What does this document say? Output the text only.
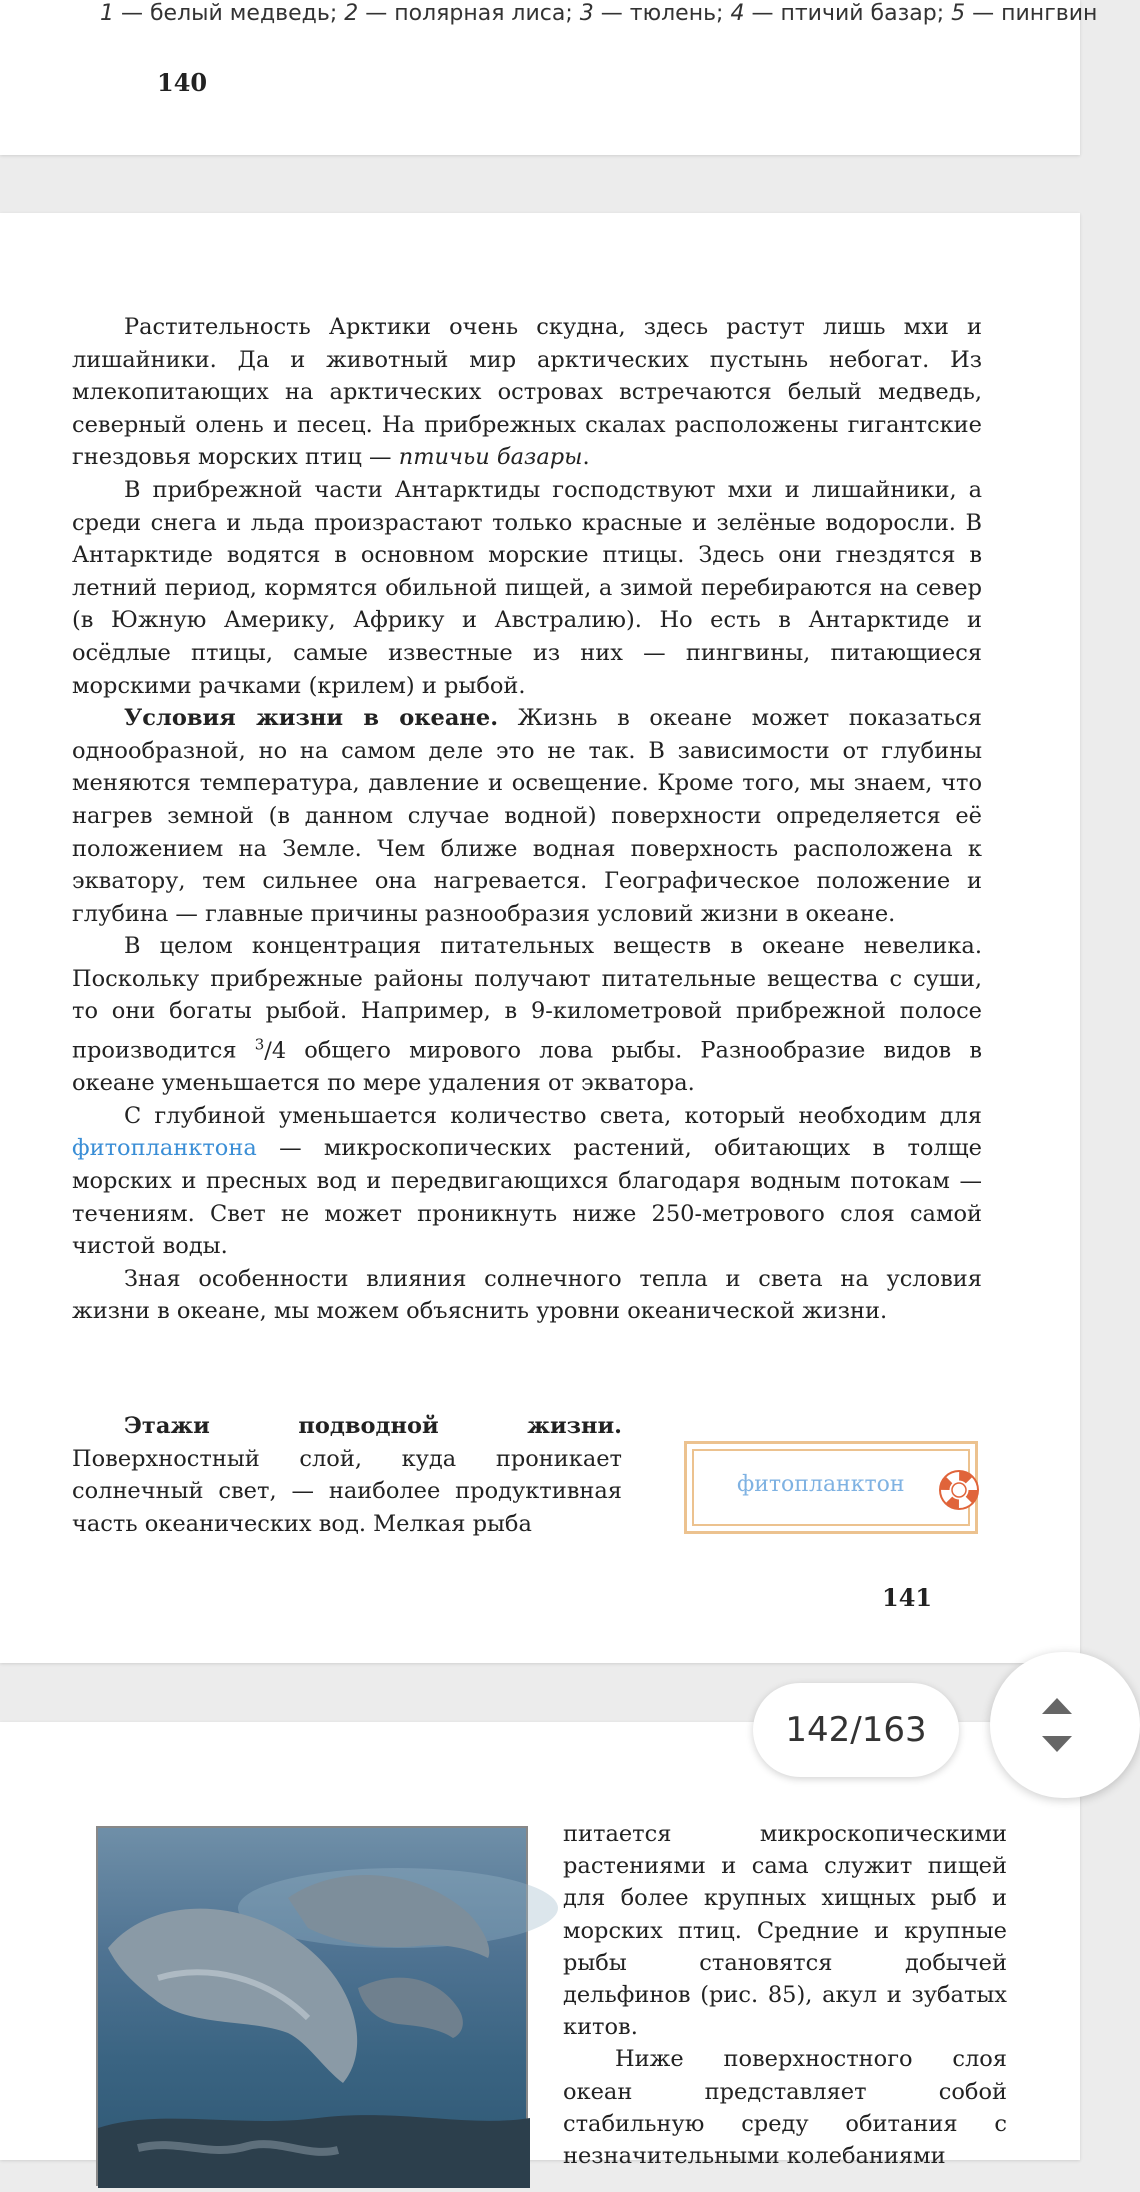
1 — белый медведь; 2 — полярная лиса; 3 — тюлень; 4 — птичий базар; 5 — пингвин
140

Растительность Арктики очень скудна, здесь растут лишь мхи и лишайники. Да и животный мир арктических пустынь небогат. Из млекопитающих на арктических островах встречаются белый медведь, северный олень и песец. На прибрежных скалах расположены гигантские гнездовья морских птиц — птичьи базары.

В прибрежной части Антарктиды господствуют мхи и лишайники, а среди снега и льда произрастают только красные и зелёные водоросли. В Антарктиде водятся в основном морские птицы. Здесь они гнездятся в летний период, кормятся обильной пищей, а зимой перебираются на север (в Южную Америку, Африку и Австралию). Но есть в Антарктиде и осёдлые птицы, самые известные из них — пингвины, питающиеся морскими рачками (крилем) и рыбой.

Условия жизни в океане. Жизнь в океане может показаться однообразной, но на самом деле это не так. В зависимости от глубины меняются температура, давление и освещение. Кроме того, мы знаем, что нагрев земной (в данном случае водной) поверхности определяется её положением на Земле. Чем ближе водная поверхность расположена к экватору, тем сильнее она нагревается. Географическое положение и глубина — главные причины разнообразия условий жизни в океане.

В целом концентрация питательных веществ в океане невелика. Поскольку прибрежные районы получают питательные вещества с суши, то они богаты рыбой. Например, в 9-километровой прибрежной полосе производится $^3$/4 общего мирового лова рыбы. Разнообразие видов в океане уменьшается по мере удаления от экватора.

С глубиной уменьшается количество света, который необходим для фитопланктона — микроскопических растений, обитающих в толще морских и пресных вод и передвигающихся благодаря водным потокам — течениям. Свет не может проникнуть ниже 250-метрового слоя самой чистой воды.

Зная особенности влияния солнечного тепла и света на условия жизни в океане, мы можем объяснить уровни океанической жизни.

Этажи подводной жизни. Поверхностный слой, куда проникает солнечный свет, — наиболее продуктивная часть океанических вод. Мелкая рыба

фитопланктон
141

питается микроскопическими растениями и сама служит пищей для более крупных хищных рыб и морских птиц. Средние и крупные рыбы становятся добычей дельфинов (рис. 85), акул и зубатых китов.

Ниже поверхностного слоя океан представляет собой стабильную среду обитания с незначительными колебаниями

142/163
